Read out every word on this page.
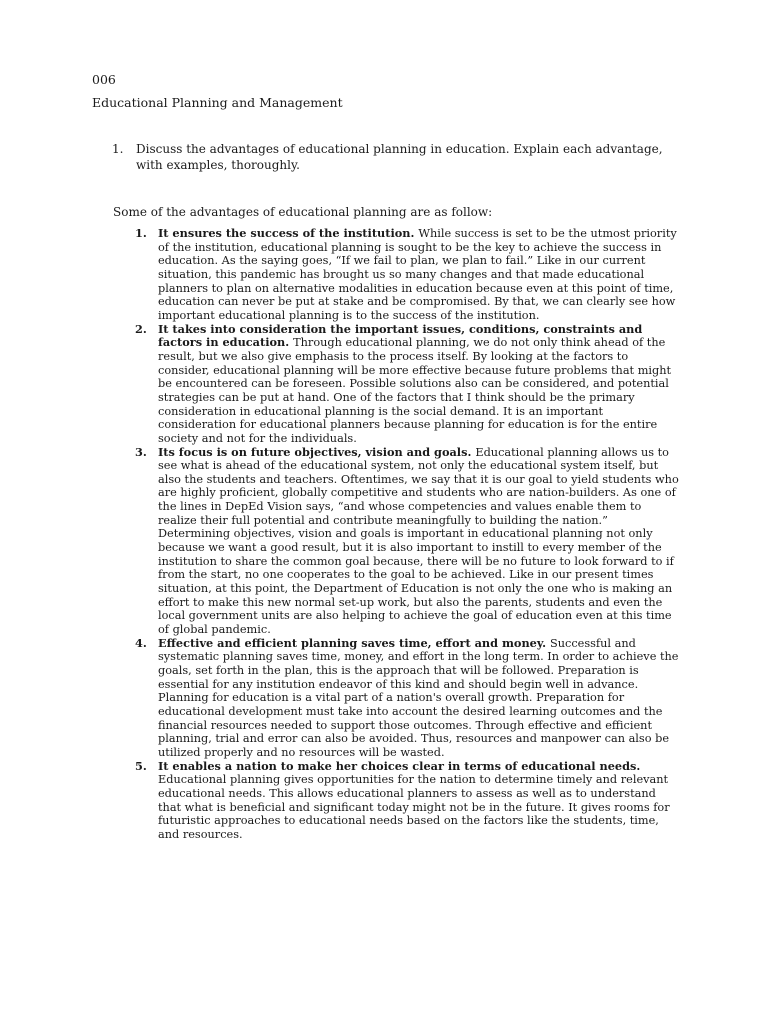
006
Educational Planning and Management
1. Discuss the advantages of educational planning in education. Explain each advantage, with examples, thoroughly.
Some of the advantages of educational planning are as follow:
1. It ensures the success of the institution. While success is set to be the utmost priority of the institution, educational planning is sought to be the key to achieve the success in education. As the saying goes, “If we fail to plan, we plan to fail.” Like in our current situation, this pandemic has brought us so many changes and that made educational planners to plan on alternative modalities in education because even at this point of time, education can never be put at stake and be compromised. By that, we can clearly see how important educational planning is to the success of the institution.
2. It takes into consideration the important issues, conditions, constraints and factors in education. Through educational planning, we do not only think ahead of the result, but we also give emphasis to the process itself. By looking at the factors to consider, educational planning will be more effective because future problems that might be encountered can be foreseen. Possible solutions also can be considered, and potential strategies can be put at hand. One of the factors that I think should be the primary consideration in educational planning is the social demand. It is an important consideration for educational planners because planning for education is for the entire society and not for the individuals.
3. Its focus is on future objectives, vision and goals. Educational planning allows us to see what is ahead of the educational system, not only the educational system itself, but also the students and teachers. Oftentimes, we say that it is our goal to yield students who are highly proficient, globally competitive and students who are nation-builders. As one of the lines in DepEd Vision says, “and whose competencies and values enable them to realize their full potential and contribute meaningfully to building the nation.” Determining objectives, vision and goals is important in educational planning not only because we want a good result, but it is also important to instill to every member of the institution to share the common goal because, there will be no future to look forward to if from the start, no one cooperates to the goal to be achieved. Like in our present times situation, at this point, the Department of Education is not only the one who is making an effort to make this new normal set-up work, but also the parents, students and even the local government units are also helping to achieve the goal of education even at this time of global pandemic.
4. Effective and efficient planning saves time, effort and money. Successful and systematic planning saves time, money, and effort in the long term. In order to achieve the goals, set forth in the plan, this is the approach that will be followed. Preparation is essential for any institution endeavor of this kind and should begin well in advance. Planning for education is a vital part of a nation's overall growth. Preparation for educational development must take into account the desired learning outcomes and the financial resources needed to support those outcomes. Through effective and efficient planning, trial and error can also be avoided. Thus, resources and manpower can also be utilized properly and no resources will be wasted.
5. It enables a nation to make her choices clear in terms of educational needs. Educational planning gives opportunities for the nation to determine timely and relevant educational needs. This allows educational planners to assess as well as to understand that what is beneficial and significant today might not be in the future. It gives rooms for futuristic approaches to educational needs based on the factors like the students, time, and resources.
